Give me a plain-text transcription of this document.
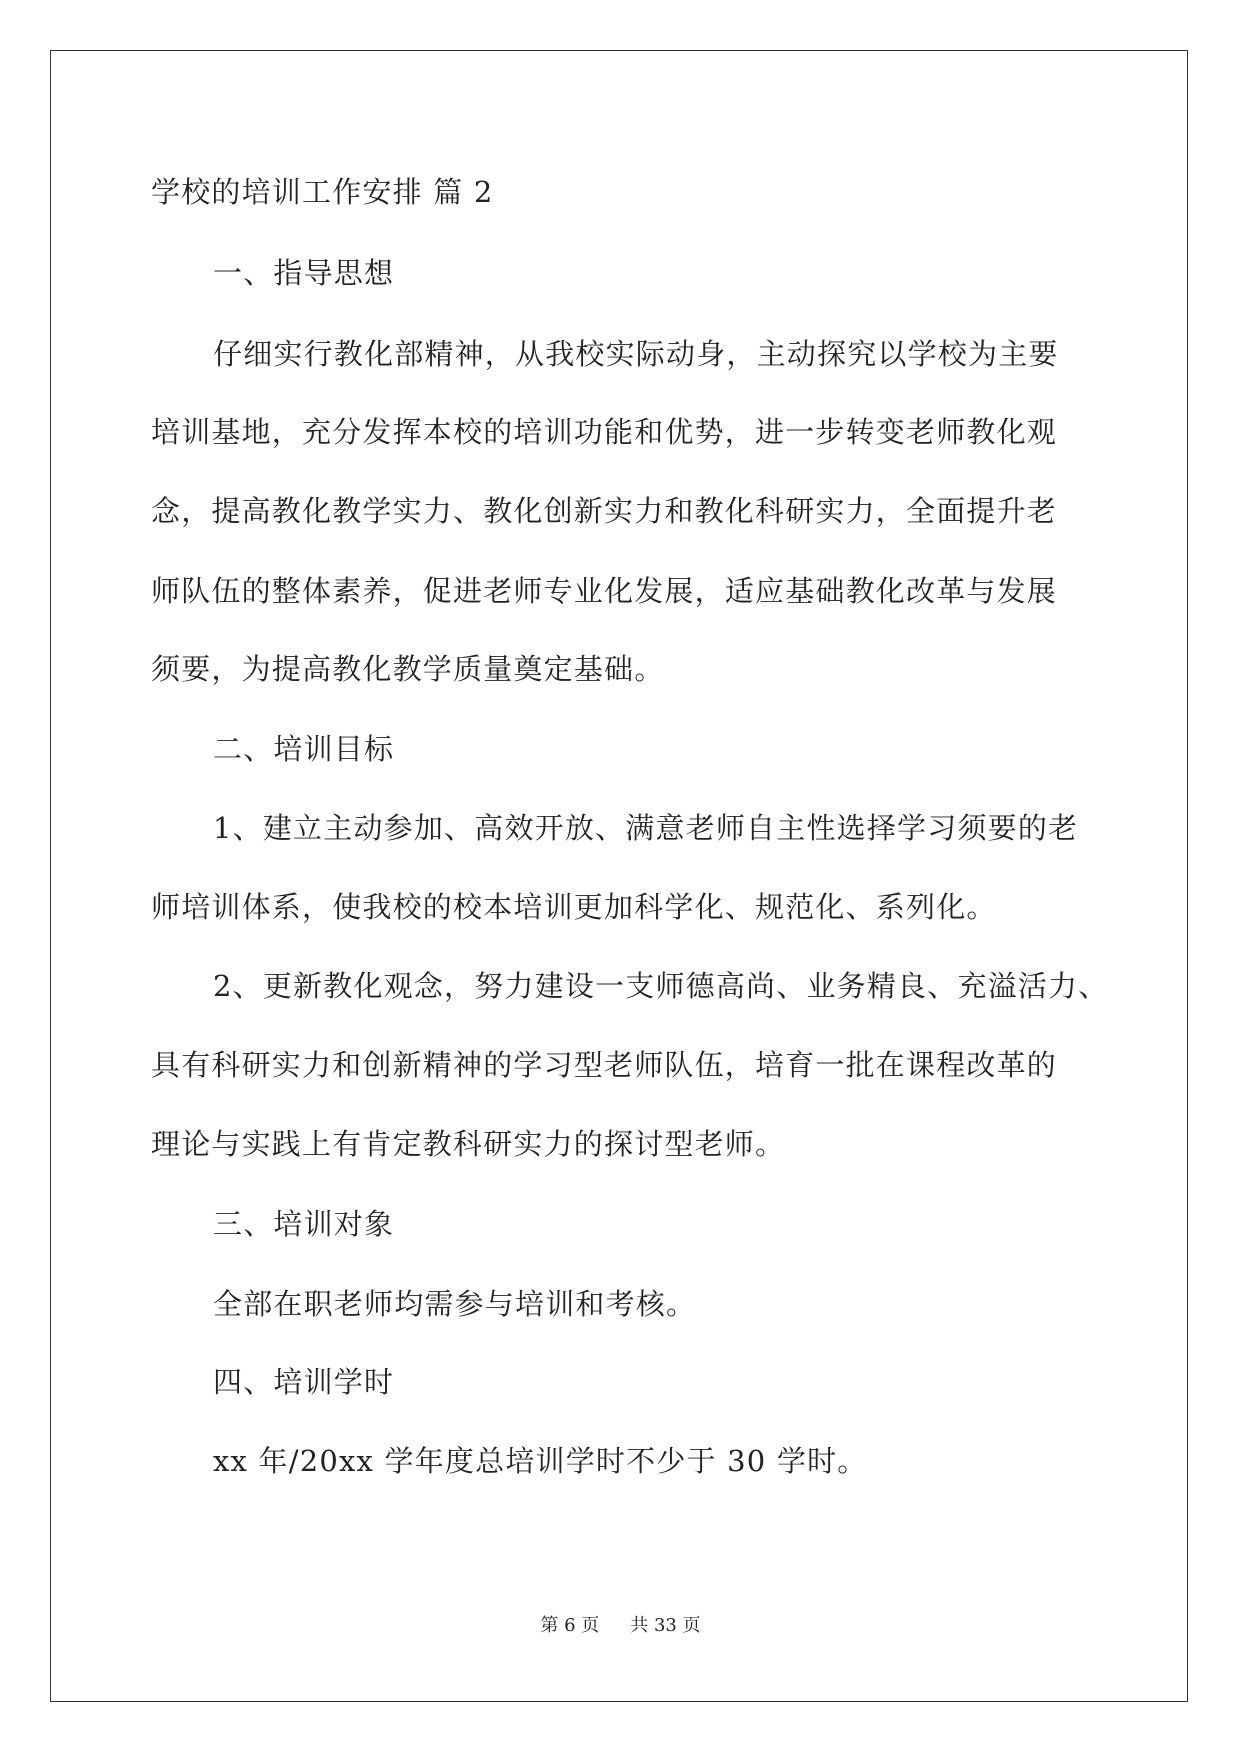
学校的培训工作安排 篇 2
一、指导思想
仔细实行教化部精神，从我校实际动身，主动探究以学校为主要
培训基地，充分发挥本校的培训功能和优势，进一步转变老师教化观
念，提高教化教学实力、教化创新实力和教化科研实力，全面提升老
师队伍的整体素养，促进老师专业化发展，适应基础教化改革与发展
须要，为提高教化教学质量奠定基础。
二、培训目标
1、建立主动参加、高效开放、满意老师自主性选择学习须要的老
师培训体系，使我校的校本培训更加科学化、规范化、系列化。
2、更新教化观念，努力建设一支师德高尚、业务精良、充溢活力、
具有科研实力和创新精神的学习型老师队伍，培育一批在课程改革的
理论与实践上有肯定教科研实力的探讨型老师。
三、培训对象
全部在职老师均需参与培训和考核。
四、培训学时
xx 年/20xx 学年度总培训学时不少于 30 学时。
第 6 页 共 33 页
